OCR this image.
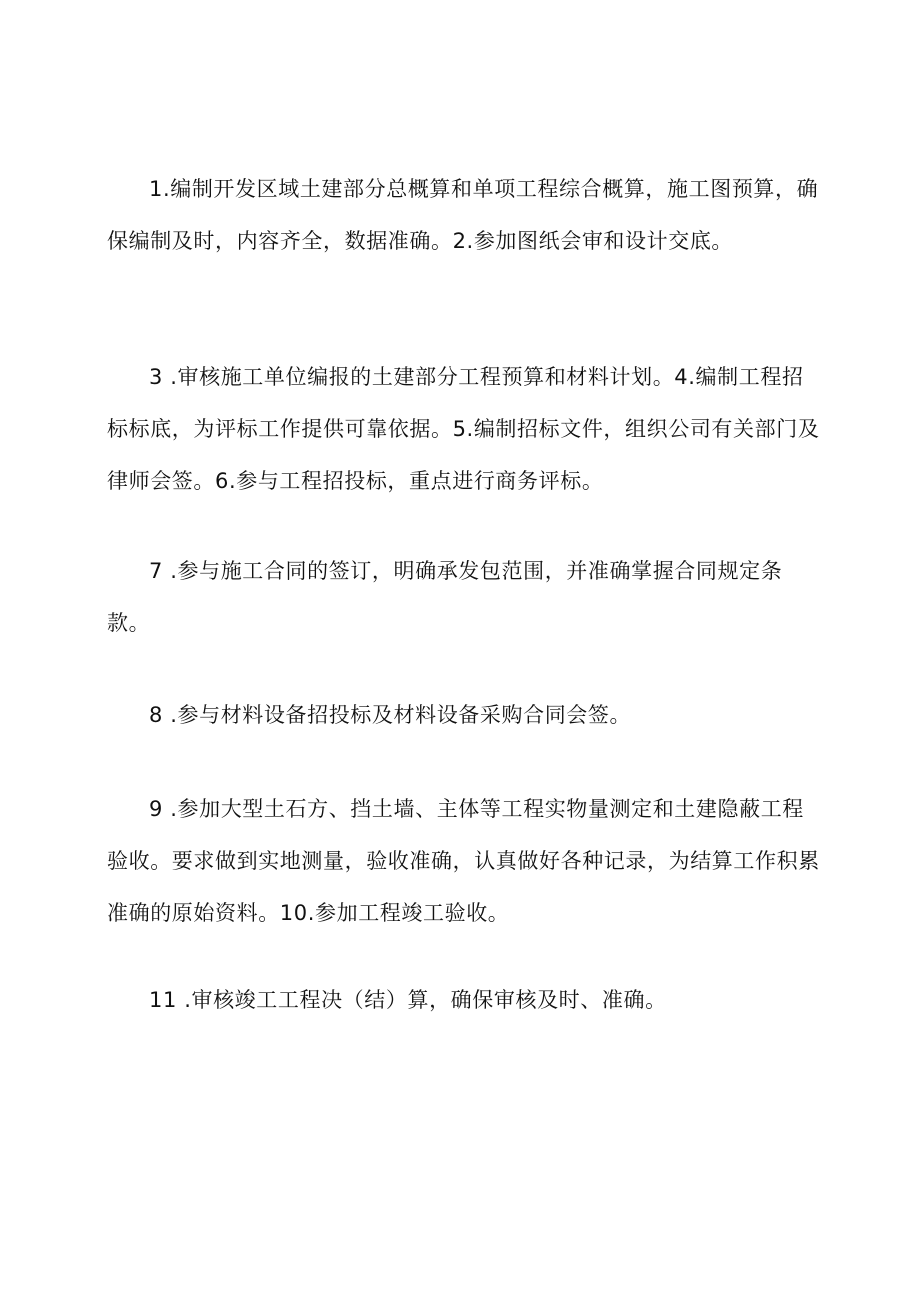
1.编制开发区域土建部分总概算和单项工程综合概算，施工图预算，确保编制及时，内容齐全，数据准确。2.参加图纸会审和设计交底。

3 .审核施工单位编报的土建部分工程预算和材料计划。4.编制工程招标标底，为评标工作提供可靠依据。5.编制招标文件，组织公司有关部门及律师会签。6.参与工程招投标，重点进行商务评标。

7 .参与施工合同的签订，明确承发包范围，并准确掌握合同规定条款。

8 .参与材料设备招投标及材料设备采购合同会签。

9 .参加大型土石方、挡土墙、主体等工程实物量测定和土建隐蔽工程验收。要求做到实地测量，验收准确，认真做好各种记录，为结算工作积累准确的原始资料。10.参加工程竣工验收。

11 .审核竣工工程决（结）算，确保审核及时、准确。
